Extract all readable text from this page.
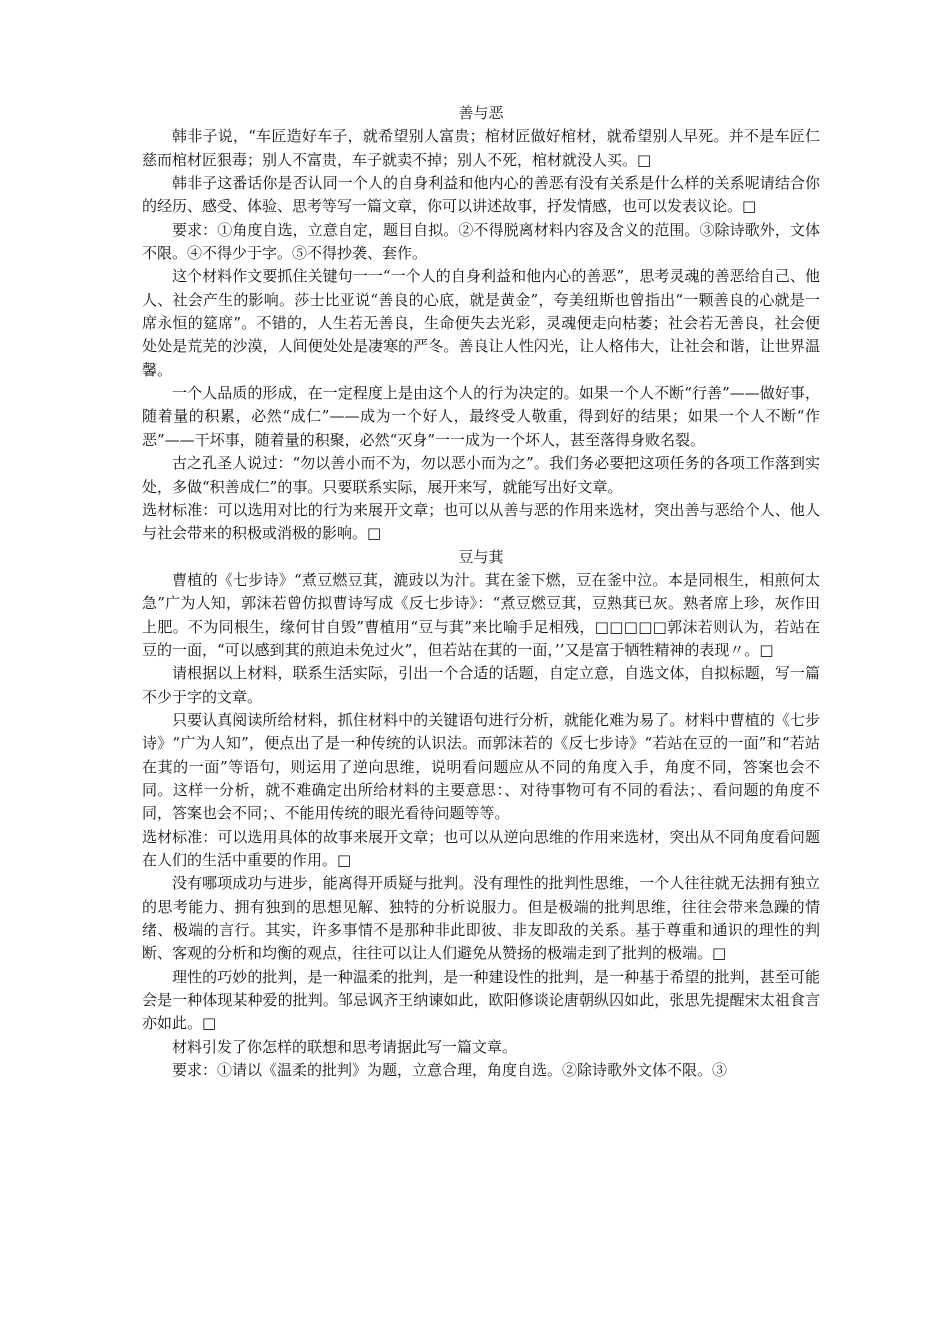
善与恶

韩非子说，“车匠造好车子，就希望别人富贵；棺材匠做好棺材，就希望别人早死。并不是车匠仁慈而棺材匠狠毒；别人不富贵，车子就卖不掉；别人不死，棺材就没人买。□

韩非子这番话你是否认同一个人的自身利益和他内心的善恶有没有关系是什么样的关系呢请结合你的经历、感受、体验、思考等写一篇文章，你可以讲述故事，抒发情感，也可以发表议论。□

要求：①角度自选，立意自定，题目自拟。②不得脱离材料内容及含义的范围。③除诗歌外，文体不限。④不得少于字。⑤不得抄袭、套作。

这个材料作文要抓住关键句一一“一个人的自身利益和他内心的善恶”，思考灵魂的善恶给自己、他人、社会产生的影响。莎士比亚说“善良的心底，就是黄金”，夸美纽斯也曾指出“一颗善良的心就是一席永恒的筵席”。不错的，人生若无善良，生命便失去光彩，灵魂便走向枯萎；社会若无善良，社会便处处是荒芜的沙漠，人间便处处是凄寒的严冬。善良让人性闪光，让人格伟大，让社会和谐，让世界温馨。

一个人品质的形成，在一定程度上是由这个人的行为决定的。如果一个人不断“行善”——做好事，随着量的积累，必然“成仁”——成为一个好人，最终受人敬重，得到好的结果；如果一个人不断“作恶”——干坏事，随着量的积聚，必然“灭身”一一成为一个坏人，甚至落得身败名裂。

古之孔圣人说过：“勿以善小而不为，勿以恶小而为之”。我们务必要把这项任务的各项工作落到实处，多做“积善成仁”的事。只要联系实际，展开来写，就能写出好文章。

选材标准：可以选用对比的行为来展开文章；也可以从善与恶的作用来选材，突出善与恶给个人、他人与社会带来的积极或消极的影响。□

豆与萁

曹植的《七步诗》“煮豆燃豆萁，漉豉以为汁。萁在釜下燃，豆在釜中泣。本是同根生，相煎何太急”广为人知，郭沫若曾仿拟曹诗写成《反七步诗》：“煮豆燃豆萁，豆熟萁已灰。熟者席上珍，灰作田上肥。不为同根生，缘何甘自毁”曹植用“豆与萁”来比喻手足相残，□□□□□郭沫若则认为，若站在豆的一面，“可以感到萁的煎迫未免过火”，但若站在萁的一面，’’又是富于牺牲精神的表现〃。□

请根据以上材料，联系生活实际，引出一个合适的话题，自定立意，自选文体，自拟标题，写一篇不少于字的文章。

只要认真阅读所给材料，抓住材料中的关键语句进行分析，就能化难为易了。材料中曹植的《七步诗》“广为人知”，便点出了是一种传统的认识法。而郭沫若的《反七步诗》“若站在豆的一面”和“若站在萁的一面”等语句，则运用了逆向思维，说明看问题应从不同的角度入手，角度不同，答案也会不同。这样一分析，就不难确定出所给材料的主要意思：、对待事物可有不同的看法；、看问题的角度不同，答案也会不同；、不能用传统的眼光看待问题等等。

选材标准：可以选用具体的故事来展开文章；也可以从逆向思维的作用来选材，突出从不同角度看问题在人们的生活中重要的作用。□

没有哪项成功与进步，能离得开质疑与批判。没有理性的批判性思维，一个人往往就无法拥有独立的思考能力、拥有独到的思想见解、独特的分析说服力。但是极端的批判思维，往往会带来急躁的情绪、极端的言行。其实，许多事情不是那种非此即彼、非友即敌的关系。基于尊重和通识的理性的判断、客观的分析和均衡的观点，往往可以让人们避免从赞扬的极端走到了批判的极端。□

理性的巧妙的批判，是一种温柔的批判，是一种建设性的批判，是一种基于希望的批判，甚至可能会是一种体现某种爱的批判。邹忌讽齐王纳谏如此，欧阳修谈论唐朝纵囚如此，张思先提醒宋太祖食言亦如此。□

材料引发了你怎样的联想和思考请据此写一篇文章。

要求：①请以《温柔的批判》为题，立意合理，角度自选。②除诗歌外文体不限。③
